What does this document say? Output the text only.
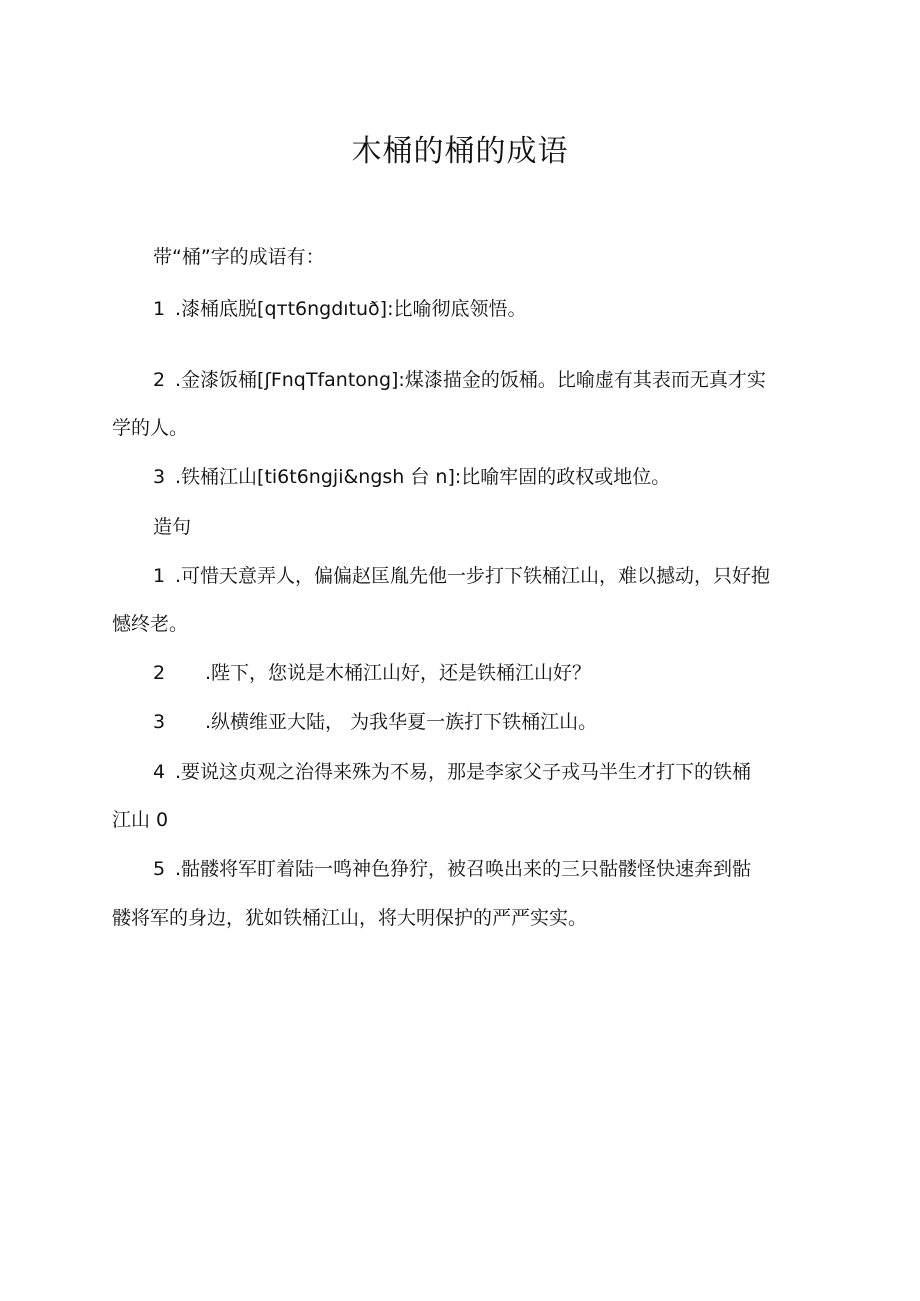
木桶的桶的成语
带“桶”字的成语有：
1 .漆桶底脱[qтt6ngdıtuð]:比喻彻底领悟。
2 .金漆饭桶[ʃFnqTfantong]:煤漆描金的饭桶。比喻虚有其表而无真才实
学的人。
3 .铁桶江山[ti6t6ngji&ngsh 台 n]:比喻牢固的政权或地位。
造句
1 .可惜天意弄人，偏偏赵匡胤先他一步打下铁桶江山，难以撼动，只好抱
憾终老。
2 .陛下，您说是木桶江山好，还是铁桶江山好？
3 .纵横维亚大陆， 为我华夏一族打下铁桶江山。
4 .要说这贞观之治得来殊为不易，那是李家父子戎马半生才打下的铁桶
江山 0
5 .骷髅将军盯着陆一鸣神色狰狞，被召唤出来的三只骷髅怪快速奔到骷
髅将军的身边，犹如铁桶江山，将大明保护的严严实实。
